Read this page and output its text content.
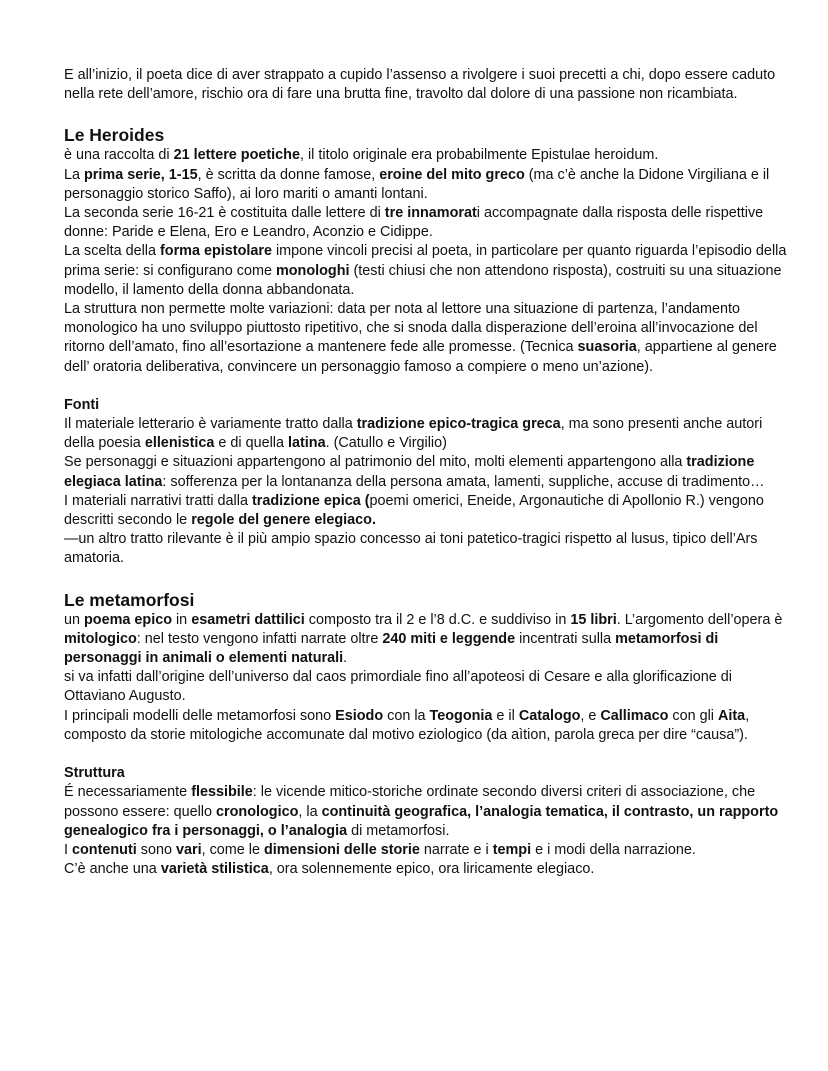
E all’inizio, il poeta dice di aver strappato a cupido l’assenso a rivolgere i suoi precetti a chi, dopo essere caduto nella rete dell’amore, rischio ora di fare una brutta fine, travolto dal dolore di una passione non ricambiata.

Le Heroides

è una raccolta di 21 lettere poetiche, il titolo originale era probabilmente Epistulae heroidum.

La prima serie, 1-15, è scritta da donne famose, eroine del mito greco (ma c’è anche la Didone Virgiliana e il personaggio storico Saffo), ai loro mariti o amanti lontani.

La seconda serie 16-21 è costituita dalle lettere di tre innamorati accompagnate dalla risposta delle rispettive donne: Paride e Elena, Ero e Leandro, Aconzio e Cidippe.

La scelta della forma epistolare impone vincoli precisi al poeta, in particolare per quanto riguarda l’episodio della prima serie: si configurano come monologhi (testi chiusi che non attendono risposta), costruiti su una situazione modello, il lamento della donna abbandonata.

La struttura non permette molte variazioni: data per nota al lettore una situazione di partenza, l’andamento monologico ha uno sviluppo piuttosto ripetitivo, che si snoda dalla disperazione dell’eroina all’invocazione del ritorno dell’amato, fino all’esortazione a mantenere fede alle promesse. (Tecnica suasoria, appartiene al genere dell’ oratoria deliberativa, convincere un personaggio famoso a compiere o meno un’azione).

Fonti

Il materiale letterario è variamente tratto dalla tradizione epico-tragica greca, ma sono presenti anche autori della poesia ellenistica e di quella latina. (Catullo e Virgilio)

Se personaggi e situazioni appartengono al patrimonio del mito, molti elementi appartengono alla tradizione elegiaca latina: sofferenza per la lontananza della persona amata, lamenti, suppliche, accuse di tradimento…

I materiali narrativi tratti dalla tradizione epica (poemi omerici, Eneide, Argonautiche di Apollonio R.) vengono descritti secondo le regole del genere elegiaco.

—un altro tratto rilevante è il più ampio spazio concesso ai toni patetico-tragici rispetto al lusus, tipico dell’Ars amatoria.

Le metamorfosi

un poema epico in esametri dattilici composto tra il 2 e l’8 d.C. e suddiviso in 15 libri. L’argomento dell’opera è mitologico: nel testo vengono infatti narrate oltre 240 miti e leggende incentrati sulla metamorfosi di personaggi in animali o elementi naturali.

si va infatti dall’origine dell’universo dal caos primordiale fino all’apoteosi di Cesare e alla glorificazione di Ottaviano Augusto.

I principali modelli delle metamorfosi sono Esiodo con la Teogonia e il Catalogo, e Callimaco con gli Aita, composto da storie mitologiche accomunate dal motivo eziologico (da aìtion, parola greca per dire “causa”).

Struttura

É necessariamente flessibile: le vicende mitico-storiche ordinate secondo diversi criteri di associazione, che possono essere: quello cronologico, la continuità geografica, l’analogia tematica, il contrasto, un rapporto genealogico fra i personaggi, o l’analogia di metamorfosi.

I contenuti sono vari, come le dimensioni delle storie narrate e i tempi e i modi della narrazione.

C’è anche una varietà stilistica, ora solennemente epico, ora liricamente elegiaco.
